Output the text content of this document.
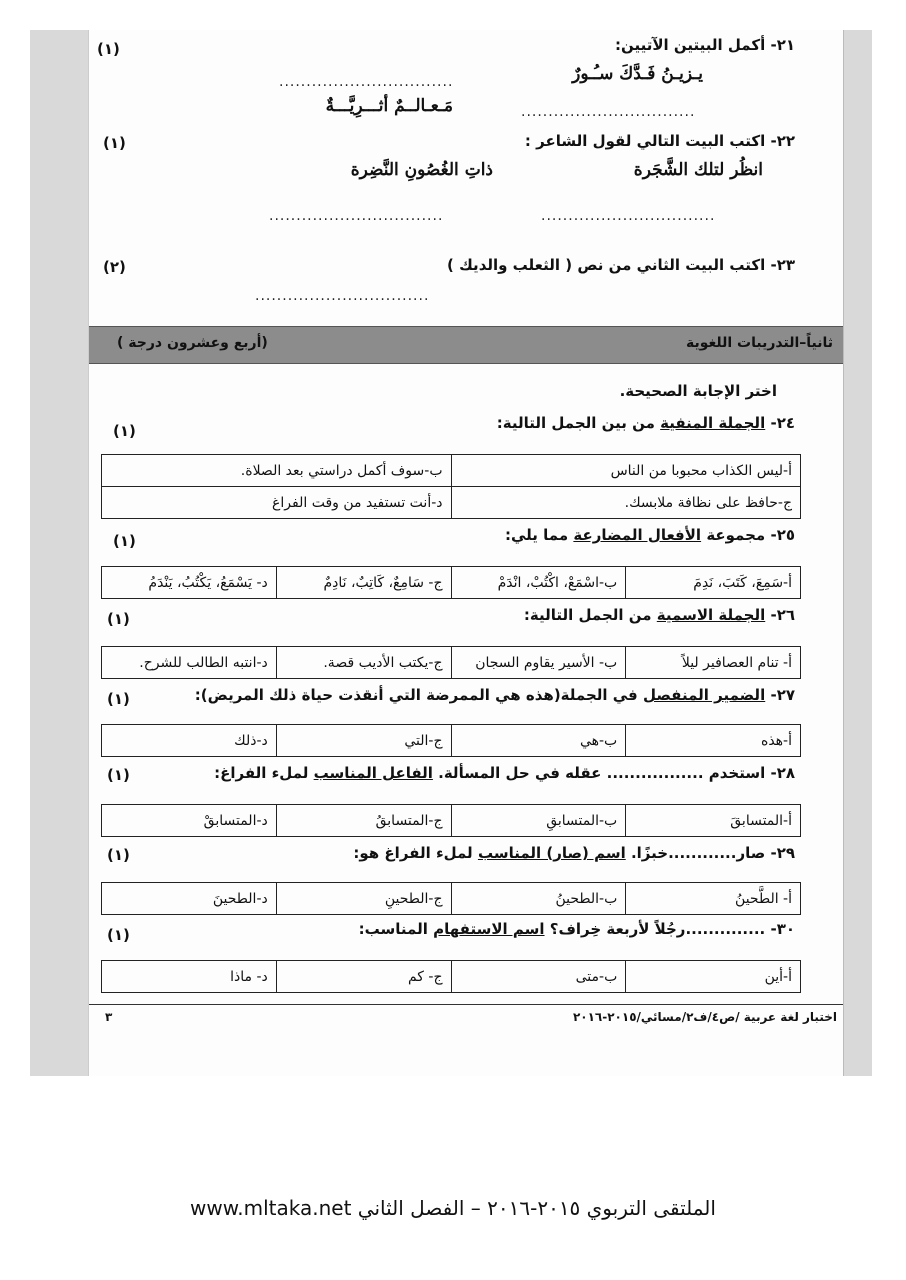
٢١- أكمل البيتين الآتيين:
(١)
يـزيـنُ فَـدَّكَ سـُـورٌ
................................
مَـعـالــمٌ أثـــرِيَّـــةٌ	................................
٢٢- اكتب البيت التالي لقول الشاعر :
(١)
انظُر لتلك الشَّجَرة
ذاتِ الغُصُونِ النَّضِرة
................................
................................
٢٣- اكتب البيت الثاني من نص ( الثعلب والديك )
(٢)
................................
ثانياً–التدريبات اللغوية
( أربع وعشرون درجة)
اختر الإجابة الصحيحة.
٢٤- الجملة المنفية من بين الجمل التالية:
(١)
أ-ليس الكذاب محبوبا من الناس	ب-سوف أكمل دراستي بعد الصلاة.
ج-حافظ على نظافة ملابسك.	د-أنت تستفيد من وقت الفراغ
٢٥- مجموعة الأفعال المضارعة مما يلي:
(١)
أ-سَمِعَ، كَتَبَ، نَدِمَ	ب-اسْمَعْ، اكْتُبْ، انْدَمْ	ج- سَامِعٌ، كَاتِبٌ، نَادِمٌ	د- يَسْمَعُ، يَكْتُبُ، يَنْدَمُ
٢٦- الجملة الاسمية من الجمل التالية:
(١)
أ- تنام العصافير ليلاً	ب- الأسير يقاوم السجان	ج-يكتب الأديب قصة.	د-انتبه الطالب للشرح.
٢٧- الضمير المنفصل في الجملة(هذه هي الممرضة التي أنقذت حياة ذلك المريض):
(١)
أ-هذه	ب-هي	ج-التي	د-ذلك
٢٨- استخدم ................. عقله في حل المسألة. الفاعل المناسب لملء الفراغ:
(١)
أ-المتسابقَ	ب-المتسابقِ	ج-المتسابقُ	د-المتسابقْ
٢٩- صار............خبزًا. اسم (صار) المناسب لملء الفراغ هو:
(١)
أ- الطَّحينُ	ب-الطحينُ	ج-الطحينِ	د-الطحينَ
٣٠- ..............رجُلاً لأربعة خِراف؟ اسم الاستفهام المناسب:
(١)
أ-أين	ب-متى	ج- كم	د- ماذا
اختبار لغة عربية /ص٤/ف٢/مسائي/٢٠١٥-٢٠١٦
٣
الملتقى التربوي ٢٠١٥-٢٠١٦ – الفصل الثاني www.mltaka.net
